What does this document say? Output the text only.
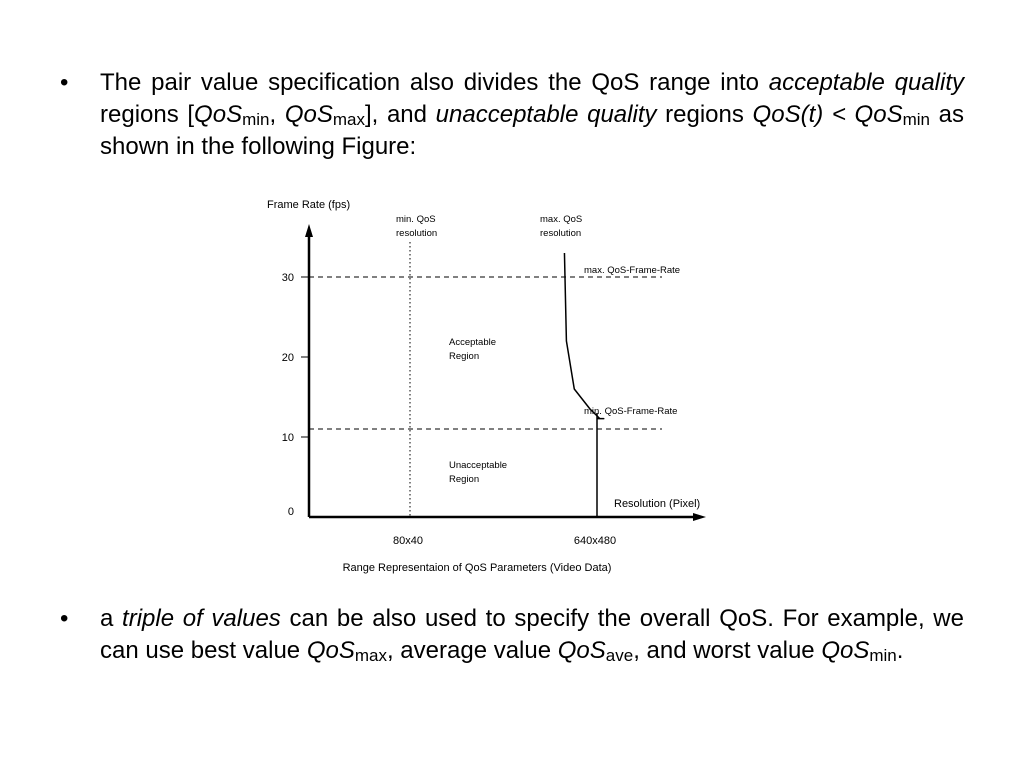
• The pair value specification also divides the QoS range into acceptable quality regions [QoS$_{min}$, QoS$_{max}$], and unacceptable quality regions QoS(t) < QoS$_{min}$ as shown in the following Figure:
0
10
20
30
80x40	640x480
Frame Rate (fps)
Resolution (Pixel)
Range Representaion of QoS Parameters (Video Data)
max. QoS-Frame-Rate
min. QoS-Frame-Rate
min. QoS
resolution
max. QoS
resolution
Acceptable
Region
Unacceptable
Region
• a triple of values can be also used to specify the overall QoS. For example, we can use best value QoS$_{max}$, average value QoS$_{ave}$, and worst value QoS$_{min}$.
